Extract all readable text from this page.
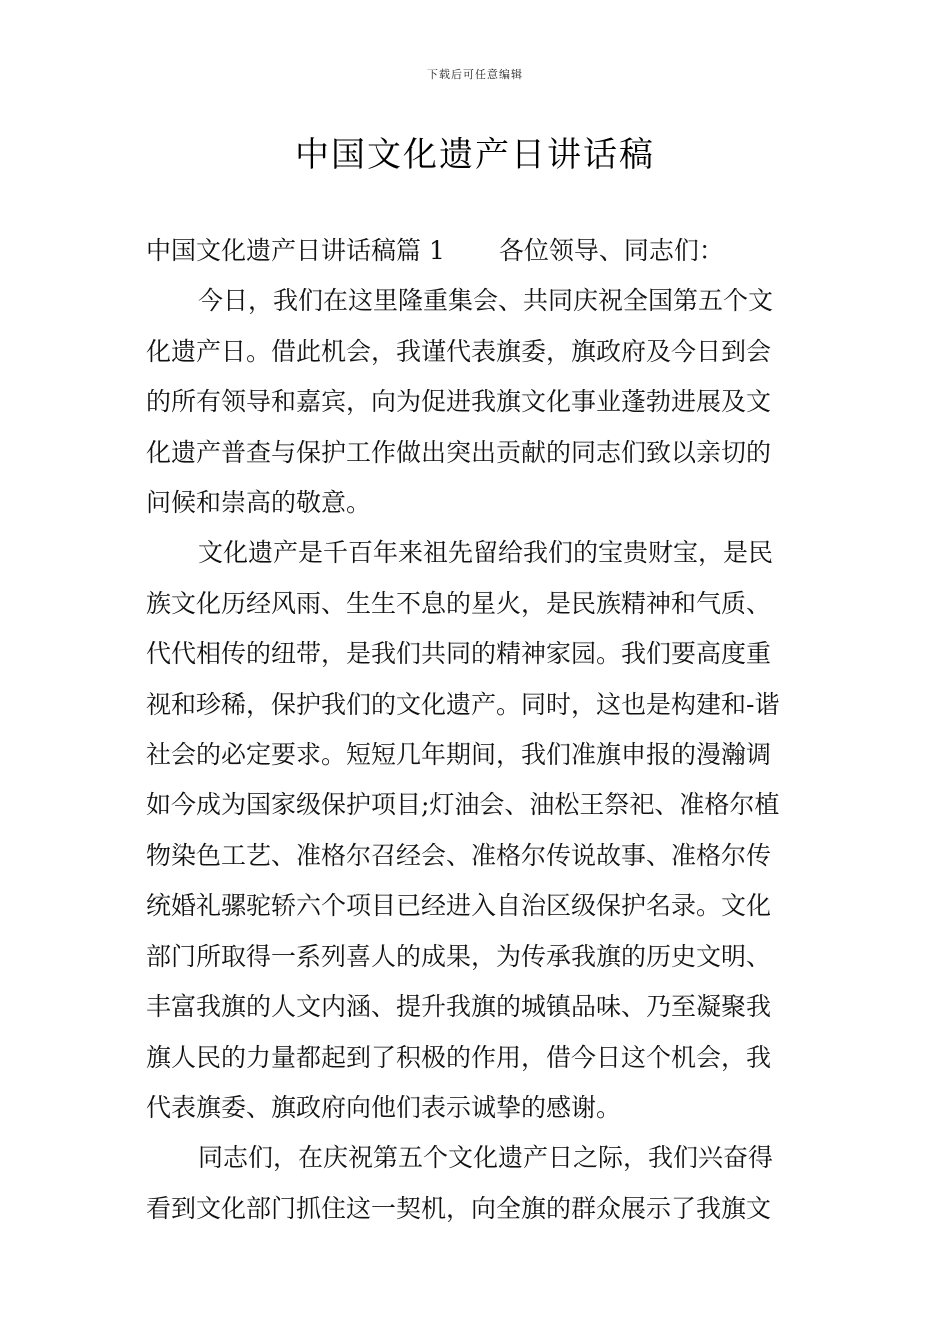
下载后可任意编辑
中国文化遗产日讲话稿

中国文化遗产日讲话稿篇 1 各位领导、同志们：

今日，我们在这里隆重集会、共同庆祝全国第五个文
化遗产日。借此机会，我谨代表旗委，旗政府及今日到会
的所有领导和嘉宾，向为促进我旗文化事业蓬勃进展及文
化遗产普查与保护工作做出突出贡献的同志们致以亲切的
问候和崇高的敬意。

文化遗产是千百年来祖先留给我们的宝贵财宝，是民
族文化历经风雨、生生不息的星火，是民族精神和气质、
代代相传的纽带，是我们共同的精神家园。我们要高度重
视和珍稀，保护我们的文化遗产。同时，这也是构建和-谐
社会的必定要求。短短几年期间，我们准旗申报的漫瀚调
如今成为国家级保护项目;灯油会、油松王祭祀、准格尔植
物染色工艺、准格尔召经会、准格尔传说故事、准格尔传
统婚礼骡驼轿六个项目已经进入自治区级保护名录。文化
部门所取得一系列喜人的成果，为传承我旗的历史文明、
丰富我旗的人文内涵、提升我旗的城镇品味、乃至凝聚我
旗人民的力量都起到了积极的作用，借今日这个机会，我
代表旗委、旗政府向他们表示诚挚的感谢。

同志们，在庆祝第五个文化遗产日之际，我们兴奋得
看到文化部门抓住这一契机，向全旗的群众展示了我旗文
